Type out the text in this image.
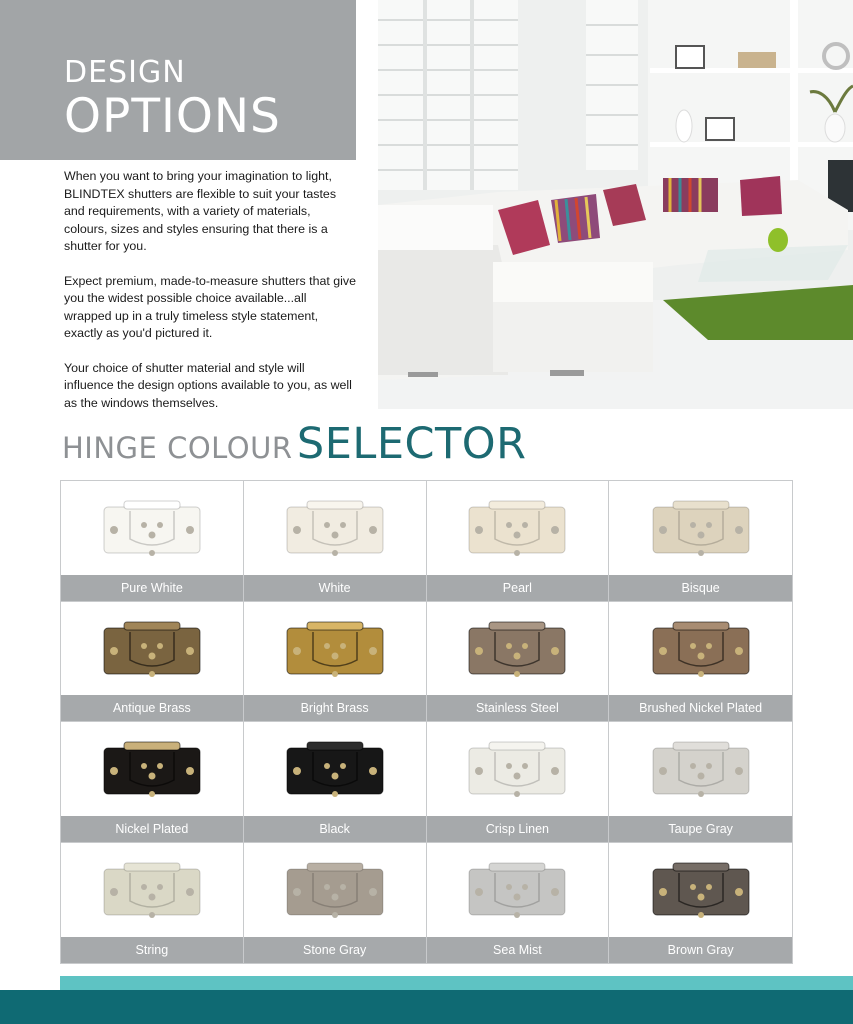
DESIGN
OPTIONS

When you want to bring your imagination to light, BLINDTEX shutters are flexible to suit your tastes and requirements, with a variety of materials, colours, sizes and styles ensuring that there is a shutter for you.

Expect premium, made-to-measure shutters that give you the widest possible choice available...all wrapped up in a truly timeless style statement, exactly as you'd pictured it.

Your choice of shutter material and style will influence the design options available to you, as well as the windows themselves.

HINGE COLOUR SELECTOR
Pure White	White	Pearl	Bisque
Antique Brass	Bright Brass	Stainless Steel	Brushed Nickel Plated
Nickel Plated	Black	Crisp Linen	Taupe Gray
String	Stone Gray	Sea Mist	Brown Gray
